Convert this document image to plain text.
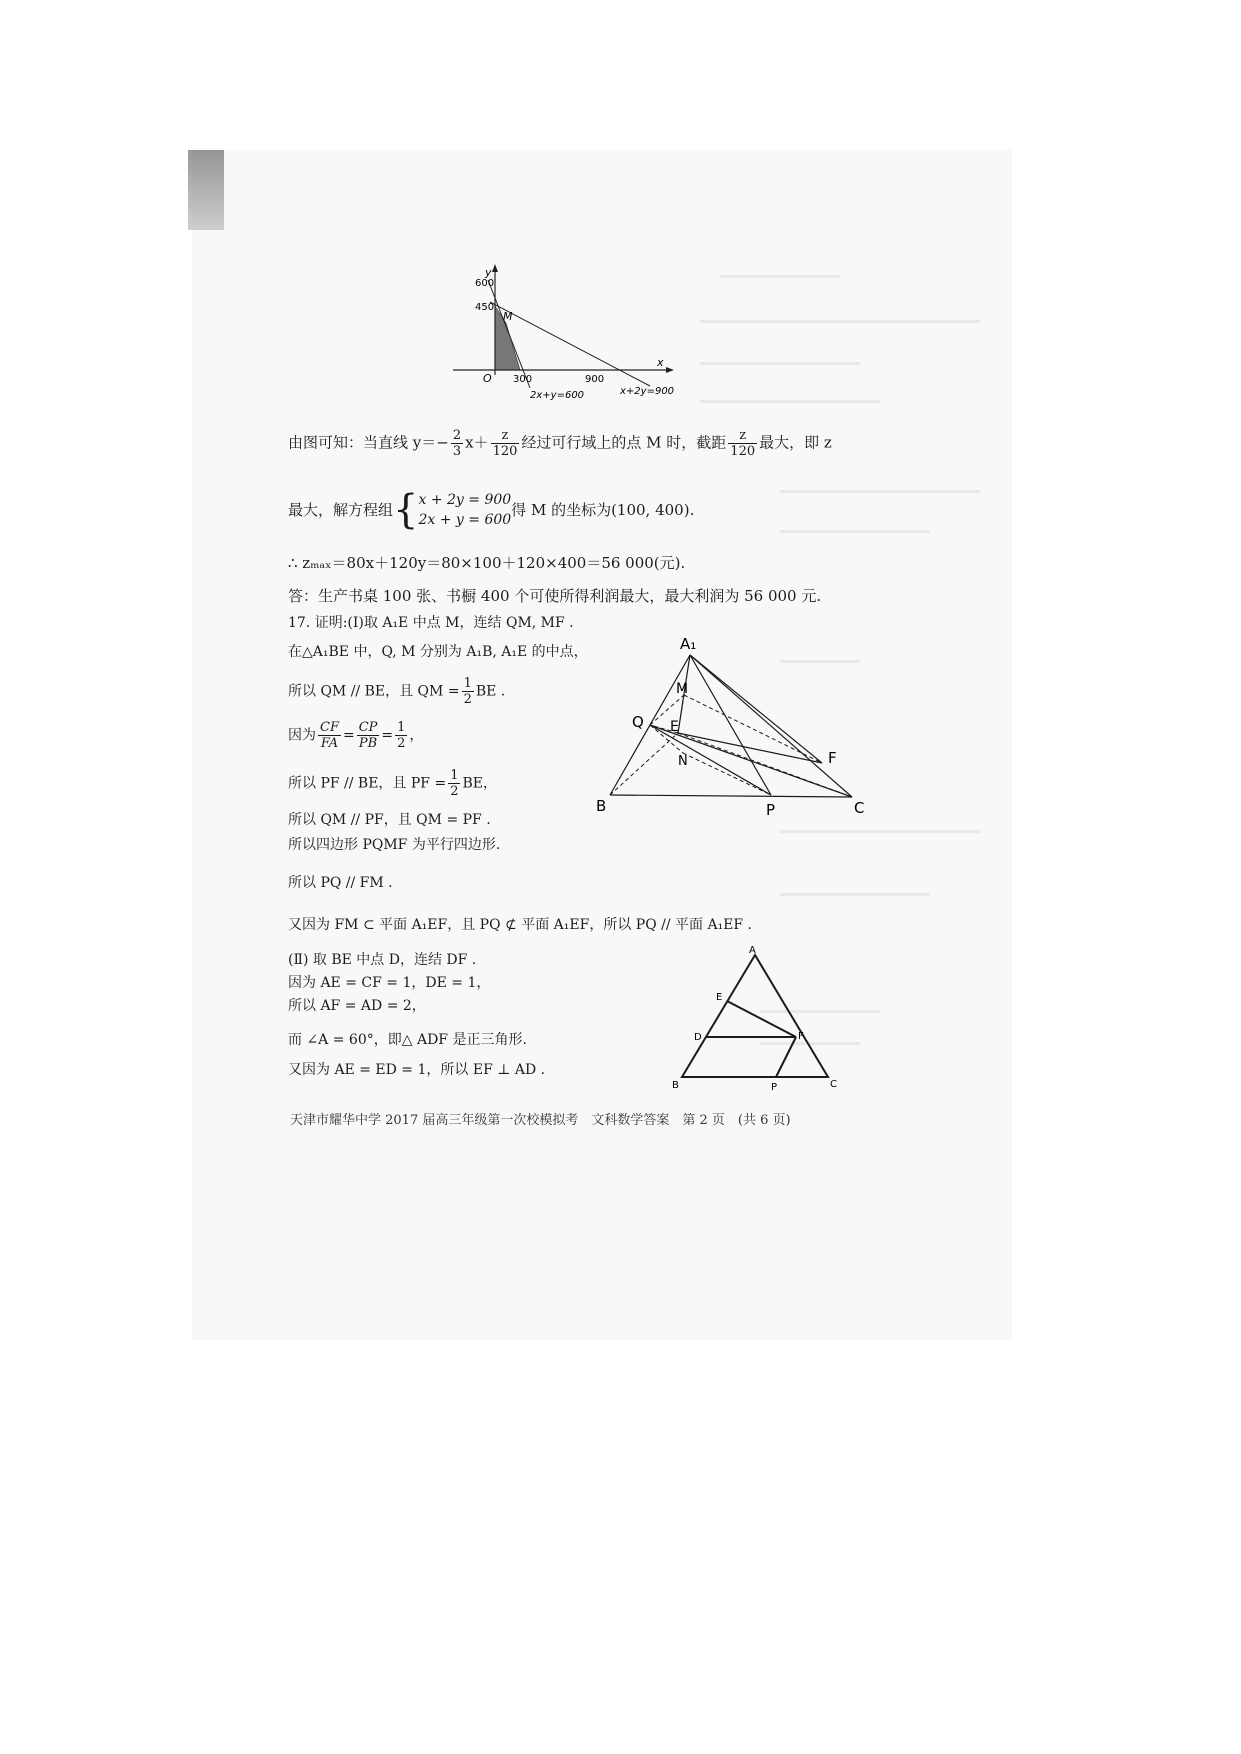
y
x
O
600
450
300	900
M
2x+y=600	x+2y=900
由图可知：当直线 $y=- \frac{2}{3} x+ \frac{z}{120}$ 经过可行域上的点 M 时，截距 $\frac{z}{120}$ 最大，即 z
最大，解方程组{ x + 2y = 900
2x + y = 600
得 M 的坐标为(100, 400).
∴ zₘₐₓ＝80x＋120y＝80×100＋120×400＝56 000(元).
答：生产书桌 100 张、书橱 400 个可使所得利润最大，最大利润为 56 000 元.
17. 证明:(Ⅰ)取 A₁E 中点 M，连结 QM, MF .
在△A₁BE 中，Q, M 分别为 A₁B, A₁E 的中点，
所以 QM // BE，且 QM = $\frac{1}{2}$ BE .
因为 $\frac{CF}{FA} = \frac{CP}{PB} = \frac{1}{2}$ ，
所以 PF // BE，且 PF = $\frac{1}{2}$ BE，
所以 QM // PF，且 QM = PF .
所以四边形 PQMF 为平行四边形.
所以 PQ // FM .
又因为 FM ⊂ 平面 A₁EF，且 PQ ⊄ 平面 A₁EF，所以 PQ // 平面 A₁EF .
(Ⅱ) 取 BE 中点 D，连结 DF .
因为 AE = CF = 1，DE = 1，
所以 AF = AD = 2，
而 ∠A = 60°，即△ ADF 是正三角形.
又因为 AE = ED = 1，所以 EF ⊥ AD .
A₁
M
Q E
N	F
B	P	C
A
E
D	F
B	P	C
天津市耀华中学 2017 届高三年级第一次校模拟考　文科数学答案　第 2 页　(共 6 页)
